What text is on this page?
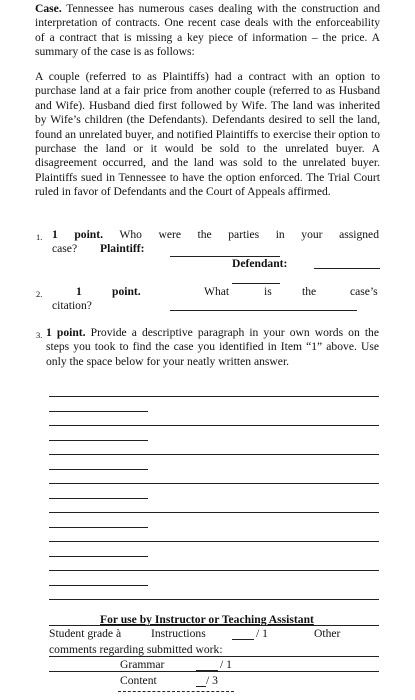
Case. Tennessee has numerous cases dealing with the construction and interpretation of contracts. One recent case deals with the enforceability of a contract that is missing a key piece of information – the price. A summary of the case is as follows:
A couple (referred to as Plaintiffs) had a contract with an option to purchase land at a fair price from another couple (referred to as Husband and Wife). Husband died first followed by Wife. The land was inherited by Wife’s children (the Defendants). Defendants desired to sell the land, found an unrelated buyer, and notified Plaintiffs to exercise their option to purchase the land or it would be sold to the unrelated buyer. A disagreement occurred, and the land was sold to the unrelated buyer. Plaintiffs sued in Tennessee to have the option enforced. The Trial Court ruled in favor of Defendants and the Court of Appeals affirmed.
1. 1 point. Who were the parties in your assigned
case? Plaintiff:
Defendant:
2.	1	point.	What	is	the	case’s
citation?
3. 1 point. Provide a descriptive paragraph in your own words on the steps you took to find the case you identified in Item “1” above. Use only the space below for your neatly written answer.
For use by Instructor or Teaching Assistant
Student grade à	Instructions	/ 1	Other
comments regarding submitted work:
Grammar	/ 1
Content	/ 3
